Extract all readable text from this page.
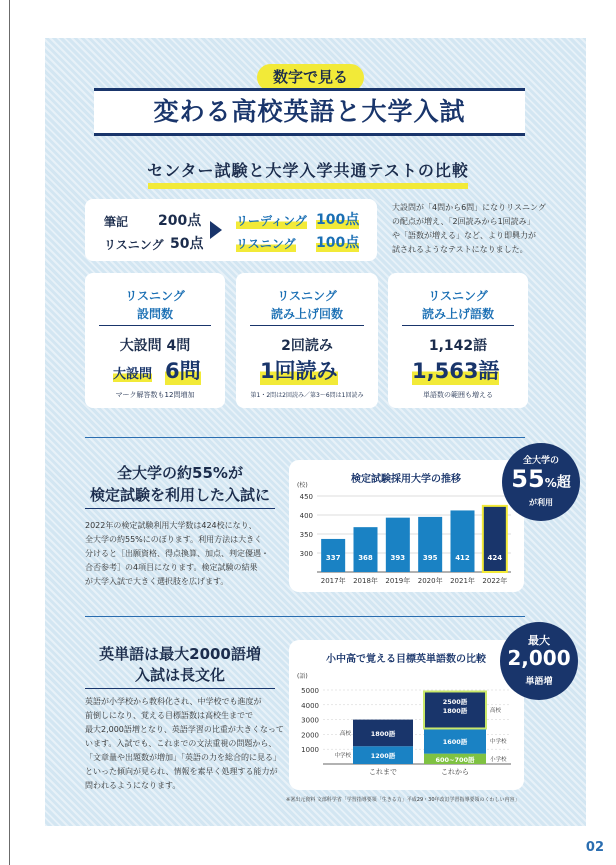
数字で見る
変わる高校英語と大学入試
センター試験と大学入学共通テストの比較
筆記 200点
リスニング 50点
リーディング 100点
リスニング 100点
大設問が「4問から6問」になりリスニング
の配点が増え、「2回読みから1回読み」
や「語数が増える」など、より即興力が
試されるようなテストになりました。
リスニング
設問数
大設問 4問
大設問 6問
マーク解答数も12問増加
リスニング
読み上げ回数
2回読み
1回読み
第1・2問は2回読み／第3～6問は1回読み
リスニング
読み上げ語数
1,142語
1,563語
単語数の範囲も増える
全大学の約55%が
検定試験を利用した入試に
2022年の検定試験利用大学数は424校になり、
全大学の約55%にのぼります。利用方法は大きく
分けると［出願資格、得点換算、加点、判定優遇・
合否参考］の4項目になります。検定試験の結果
が大学入試で大きく選択肢を広げます。
検定試験採用大学の推移
(校)
300
350
400
450
337
2017年
368
2018年
393
2019年
395
2020年
412
2021年
424
2022年
全大学の
55%超
が利用
英単語は最大2000語増
入試は長文化
英語が小学校から教科化され、中学校でも進度が
前倒しになり、覚える目標語数は高校生までで
最大2,000語増となり、英語学習の比重が大きくなって
います。入試でも、これまでの文法重視の問題から、
「文章量や出題数が増加」「英語の力を総合的に見る」
といった傾向が見られ、情報を素早く処理する能力が
問われるようになります。
小中高で覚える目標英単語数の比較
(語)
1000
2000
3000
4000
5000
1200語
中学校
1800語
高校
これまで
600~700語	小学校
1600語	中学校
1800語
2500語
高校
これから
最大
2,000
単語増
※署出元資料 文部科学省「学習指導要領「生きる力」平成29・30年改訂学習指導要領のくわしい内容」
02
